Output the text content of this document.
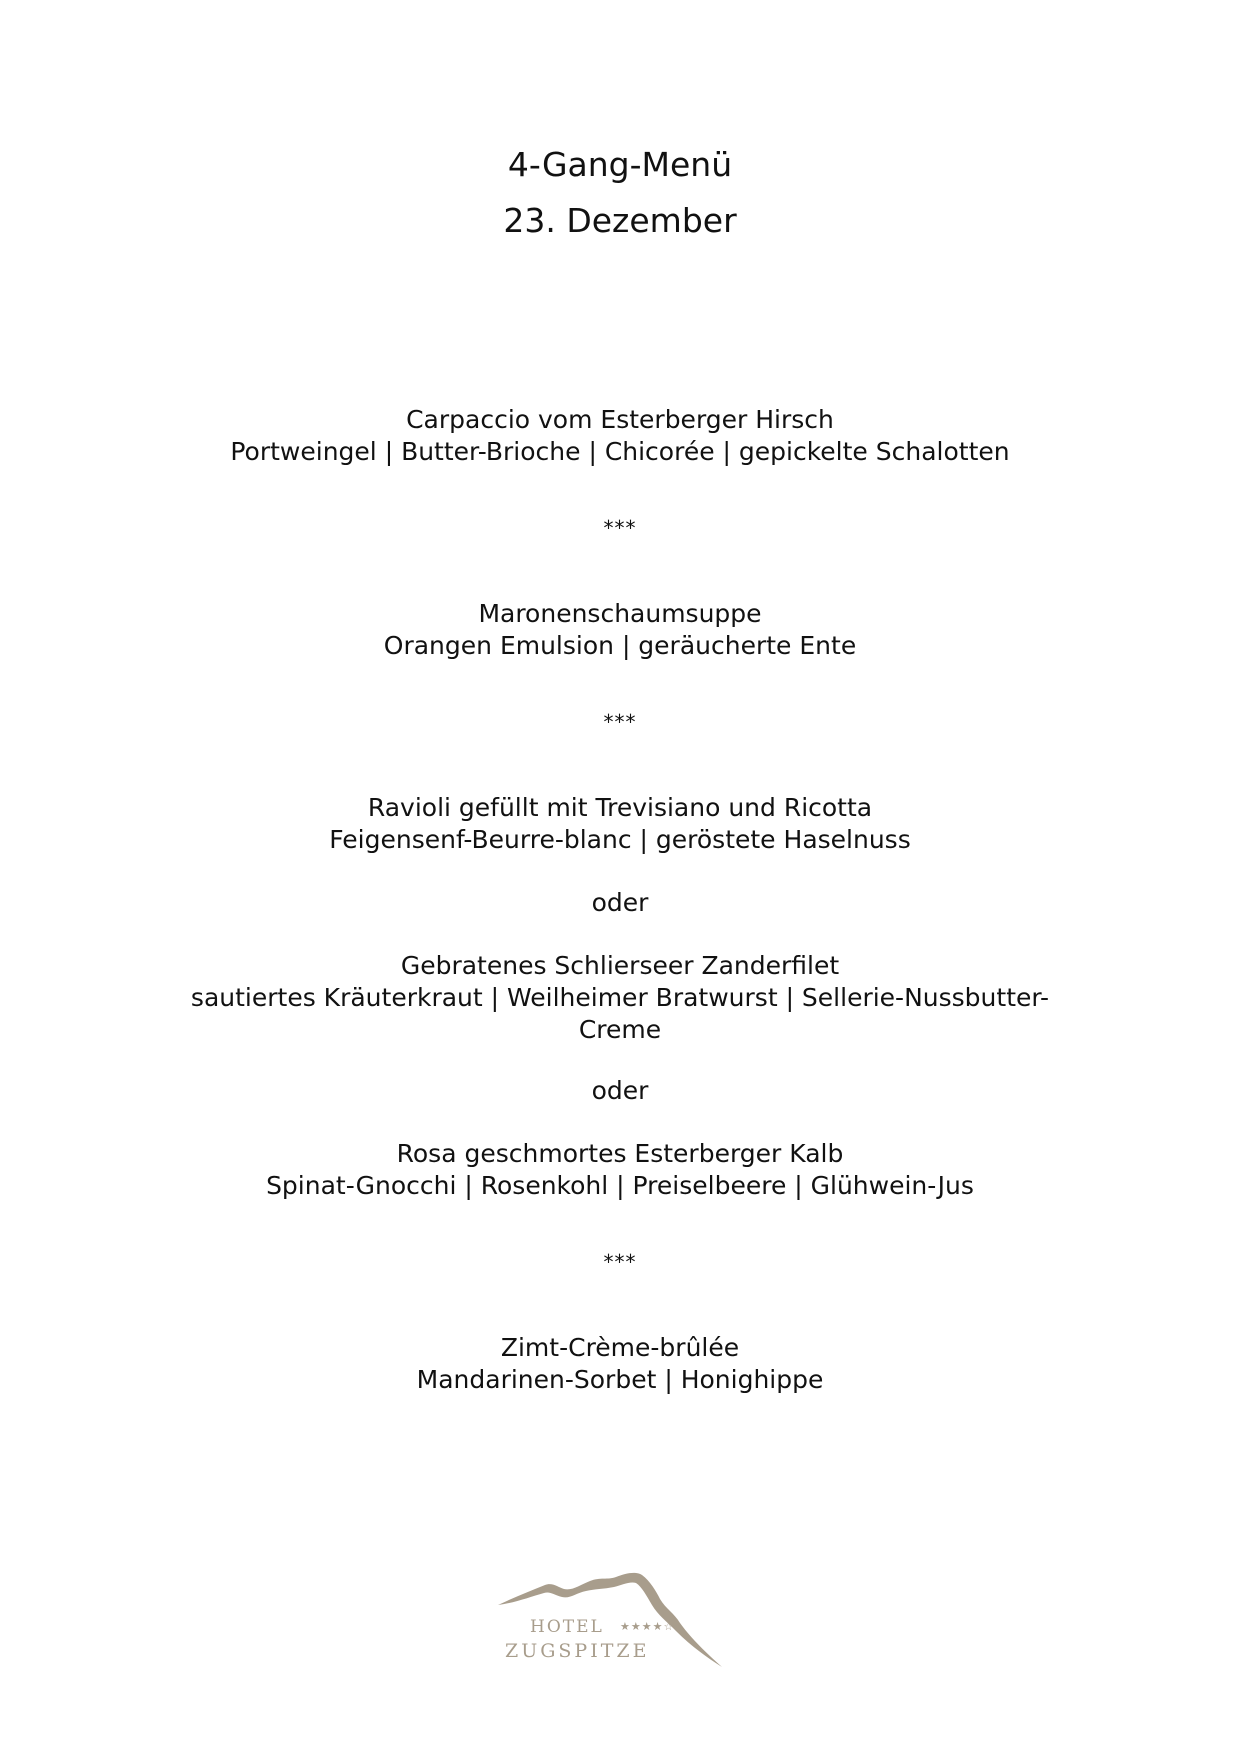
4-Gang-Menü
23. Dezember
Carpaccio vom Esterberger Hirsch
Portweingel | Butter-Brioche | Chicorée | gepickelte Schalotten
***
Maronenschaumsuppe
Orangen Emulsion | geräucherte Ente
***
Ravioli gefüllt mit Trevisiano und Ricotta
Feigensenf-Beurre-blanc | geröstete Haselnuss
oder
Gebratenes Schlierseer Zanderfilet
sautiertes Kräuterkraut | Weilheimer Bratwurst | Sellerie-Nussbutter-
Creme
oder
Rosa geschmortes Esterberger Kalb
Spinat-Gnocchi | Rosenkohl | Preiselbeere | Glühwein-Jus
***
Zimt-Crème-brûlée
Mandarinen-Sorbet | Honighippe
HOTEL ★★★★☆
ZUGSPITZE
